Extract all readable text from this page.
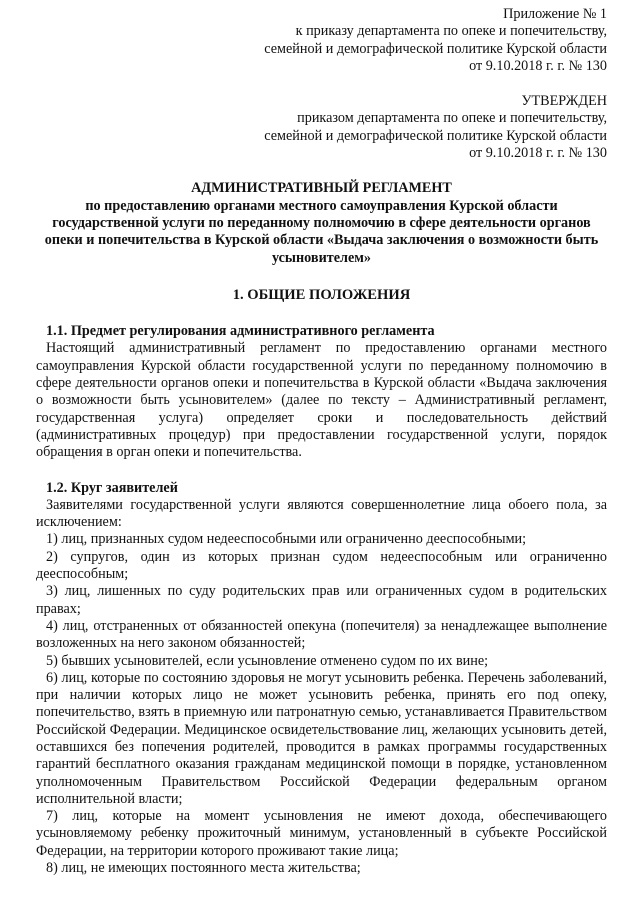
Приложение № 1
к приказу департамента по опеке и попечительству,
семейной и демографической политике Курской области
от 9.10.2018 г. г. № 130
УТВЕРЖДЕН
приказом департамента по опеке и попечительству,
семейной и демографической политике Курской области
от 9.10.2018 г. г. № 130
АДМИНИСТРАТИВНЫЙ РЕГЛАМЕНТ
по предоставлению органами местного самоуправления Курской области государственной услуги по переданному полномочию в сфере деятельности органов опеки и попечительства в Курской области «Выдача заключения о возможности быть усыновителем»
1. ОБЩИЕ ПОЛОЖЕНИЯ
1.1. Предмет регулирования административного регламента

Настоящий административный регламент по предоставлению органами местного самоуправления Курской области государственной услуги по переданному полномочию в сфере деятельности органов опеки и попечительства в Курской области «Выдача заключения о возможности быть усыновителем» (далее по тексту – Административный регламент, государственная услуга) определяет сроки и последовательность действий (административных процедур) при предоставлении государственной услуги, порядок обращения в орган опеки и попечительства.

1.2. Круг заявителей

Заявителями государственной услуги являются совершеннолетние лица обоего пола, за исключением:

1) лиц, признанных судом недееспособными или ограниченно дееспособными;

2) супругов, один из которых признан судом недееспособным или ограниченно дееспособным;

3) лиц, лишенных по суду родительских прав или ограниченных судом в родительских правах;

4) лиц, отстраненных от обязанностей опекуна (попечителя) за ненадлежащее выполнение возложенных на него законом обязанностей;

5) бывших усыновителей, если усыновление отменено судом по их вине;

6) лиц, которые по состоянию здоровья не могут усыновить ребенка. Перечень заболеваний, при наличии которых лицо не может усыновить ребенка, принять его под опеку, попечительство, взять в приемную или патронатную семью, устанавливается Правительством Российской Федерации. Медицинское освидетельствование лиц, желающих усыновить детей, оставшихся без попечения родителей, проводится в рамках программы государственных гарантий бесплатного оказания гражданам медицинской помощи в порядке, установленном уполномоченным Правительством Российской Федерации федеральным органом исполнительной власти;

7) лиц, которые на момент усыновления не имеют дохода, обеспечивающего усыновляемому ребенку прожиточный минимум, установленный в субъекте Российской Федерации, на территории которого проживают такие лица;

8) лиц, не имеющих постоянного места жительства;
